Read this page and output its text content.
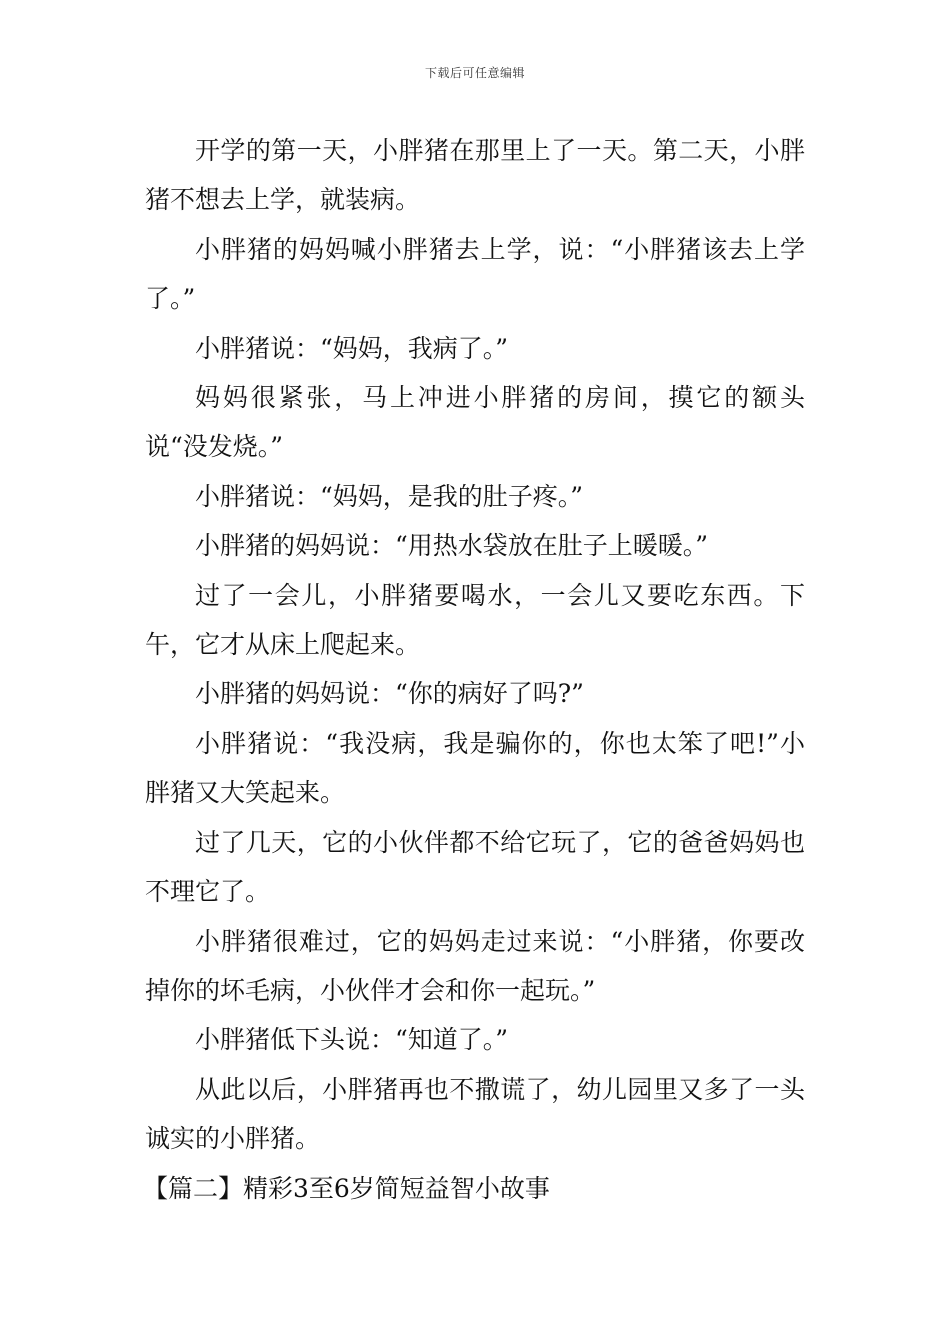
下载后可任意编辑

开学的第一天，小胖猪在那里上了一天。第二天，小胖猪不想去上学，就装病。

小胖猪的妈妈喊小胖猪去上学，说：“小胖猪该去上学了。”

小胖猪说：“妈妈，我病了。”

妈妈很紧张，马上冲进小胖猪的房间，摸它的额头说“没发烧。”

小胖猪说：“妈妈，是我的肚子疼。”

小胖猪的妈妈说：“用热水袋放在肚子上暖暖。”

过了一会儿，小胖猪要喝水，一会儿又要吃东西。下午，它才从床上爬起来。

小胖猪的妈妈说：“你的病好了吗?”

小胖猪说：“我没病，我是骗你的，你也太笨了吧!”小胖猪又大笑起来。

过了几天，它的小伙伴都不给它玩了，它的爸爸妈妈也不理它了。

小胖猪很难过，它的妈妈走过来说：“小胖猪，你要改掉你的坏毛病，小伙伴才会和你一起玩。”

小胖猪低下头说：“知道了。”

从此以后，小胖猪再也不撒谎了，幼儿园里又多了一头诚实的小胖猪。

【篇二】精彩3至6岁简短益智小故事
